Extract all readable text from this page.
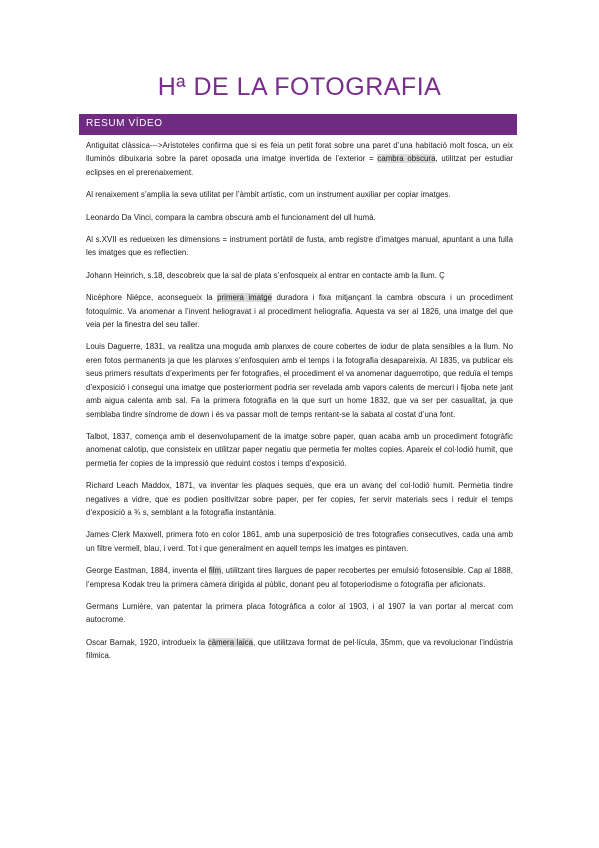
Hª DE LA FOTOGRAFIA
RESUM VÍDEO

Antiguitat clàssica--->Aristoteles confirma que si es feia un petit forat sobre una paret d’una habitació molt fosca, un eix lluminós dibuixaria sobre la paret oposada una imatge invertida de l’exterior = cambra obscura, utilitzat per estudiar eclipses en el prerenaixement.

Al renaixement s’amplia la seva utilitat per l’àmbit artístic, com un instrument auxiliar per copiar imatges.

Leonardo Da Vinci, compara la cambra obscura amb el funcionament del ull humà.

Al s.XVII es redueixen les dimensions = instrument portàtil de fusta, amb registre d’imatges manual, apuntant a una fulla les imatges que es reflectien.

Johann Heinrich, s.18, descobreix que la sal de plata s’enfosqueix al entrar en contacte amb la llum. Ç

Nicéphore Niépce, aconsegueix la primera imatge duradora i fixa mitjançant la cambra obscura i un procediment fotoquímic. Va anomenar a l’invent heliogravat i al procediment heliografia. Aquesta va ser al 1826, una imatge del que veia per la finestra del seu taller.

Louis Daguerre, 1831, va realitza una moguda amb planxes de coure cobertes de iodur de plata sensibles a la llum. No eren fotos permanents ja que les planxes s’enfosquien amb el temps i la fotografia desapareixia. Al 1835, va publicar els seus primers resultats d’experiments per fer fotografies, el procediment el va anomenar daguerrotipo, que reduïa el temps d’exposició i consegui una imatge que posteriorment podria ser revelada amb vapors calents de mercuri i fijoba nete jant amb aigua calenta amb sal. Fa la primera fotografia en la que surt un home 1832, que va ser per casualitat, ja que semblaba tindre síndrome de down i és va passar molt de temps rentant-se la sabata al costat d’una font.

Talbot, 1837, comença amb el desenvolupament de la imatge sobre paper, quan acaba amb un procediment fotogràfic anomenat calotip, que consisteix en utilitzar paper negatiu que permetia fer moltes copies. Apareix el col·lodió humit, que permetia fer copies de la impressió que reduint costos i temps d’exposició.

Richard Leach Maddox, 1871, va inventar les plaques seques, que era un avanç del col·lodió humit. Permetia tindre negatives a vidre, que es podien positivitzar sobre paper, per fer copies, fer servir materials secs i reduir el temps d’exposició a ¾ s, semblant a la fotografia instantània.

James Clerk Maxwell, primera foto en color 1861, amb una superposició de tres fotografies consecutives, cada una amb un filtre vermell, blau, i verd. Tot i que generalment en aquell temps les imatges es pintaven.

George Eastman, 1884, inventa el film, utilitzant tires llargues de paper recobertes per emulsió fotosensible. Cap al 1888, l’empresa Kodak treu la primera càmera dirigida al públic, donant peu al fotoperiodisme o fotografia per aficionats.

Germans Lumière, van patentar la primera placa fotogràfica a color al 1903, i al 1907 la van portar al mercat com autocrome.

Oscar Barnak, 1920, introdueix la càmera laica, que utilitzava format de pel·lícula, 35mm, que va revolucionar l’indústria fílmica.
